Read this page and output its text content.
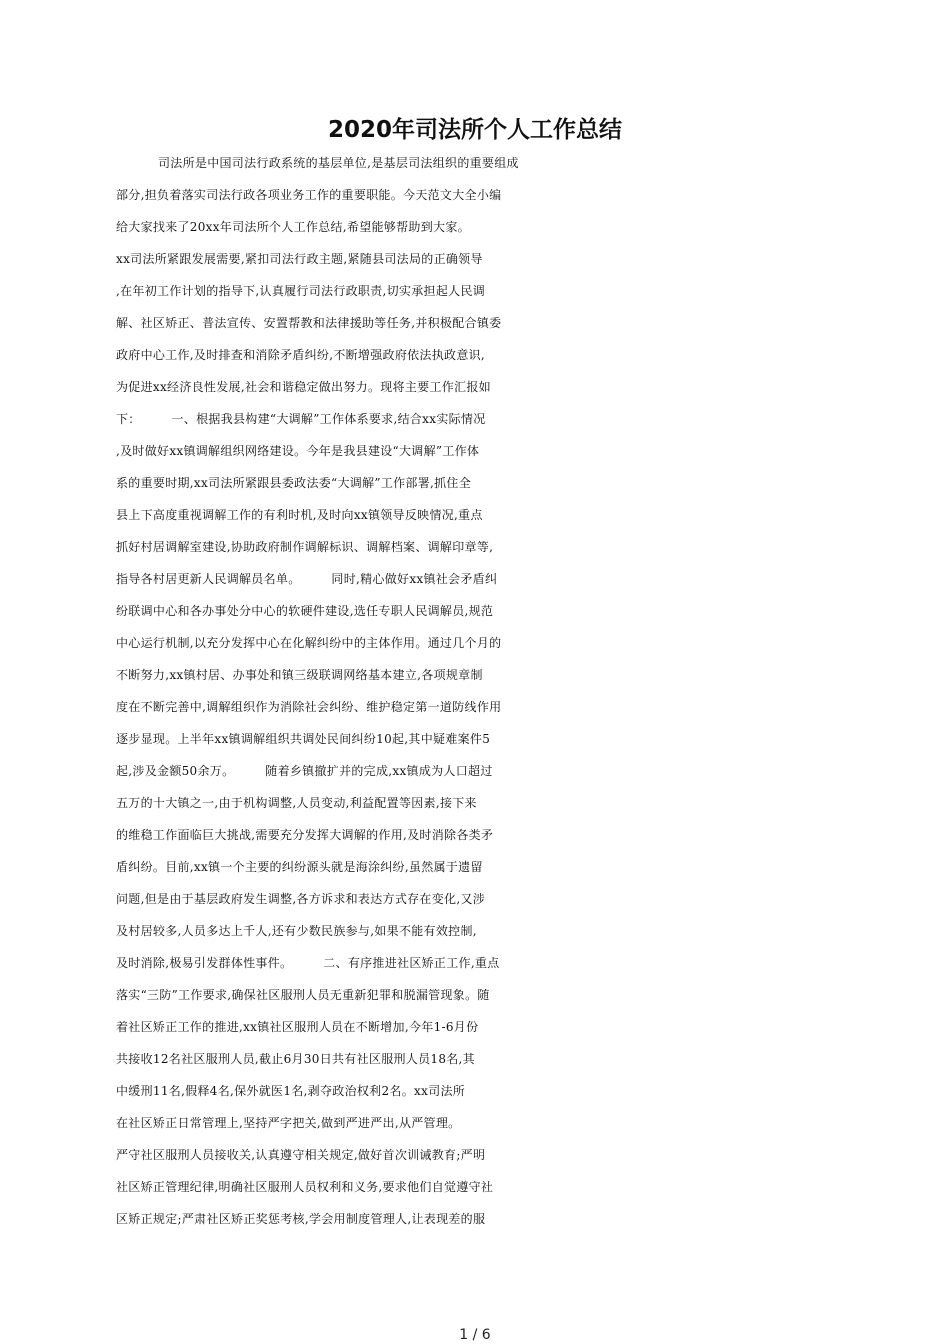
2020年司法所个人工作总结
司法所是中国司法行政系统的基层单位,是基层司法组织的重要组成
部分,担负着落实司法行政各项业务工作的重要职能。今天范文大全小编
给大家找来了20xx年司法所个人工作总结,希望能够帮助到大家。
xx司法所紧跟发展需要,紧扣司法行政主题,紧随县司法局的正确领导
,在年初工作计划的指导下,认真履行司法行政职责,切实承担起人民调
解、社区矫正、普法宣传、安置帮教和法律援助等任务,并积极配合镇委
政府中心工作,及时排查和消除矛盾纠纷,不断增强政府依法执政意识,
为促进xx经济良性发展,社会和谐稳定做出努力。现将主要工作汇报如
下：　　　一、根据我县构建“大调解”工作体系要求,结合xx实际情况
,及时做好xx镇调解组织网络建设。今年是我县建设“大调解”工作体
系的重要时期,xx司法所紧跟县委政法委“大调解”工作部署,抓住全
县上下高度重视调解工作的有利时机,及时向xx镇领导反映情况,重点
抓好村居调解室建设,协助政府制作调解标识、调解档案、调解印章等,
指导各村居更新人民调解员名单。　　　同时,精心做好xx镇社会矛盾纠
纷联调中心和各办事处分中心的软硬件建设,选任专职人民调解员,规范
中心运行机制,以充分发挥中心在化解纠纷中的主体作用。通过几个月的
不断努力,xx镇村居、办事处和镇三级联调网络基本建立,各项规章制
度在不断完善中,调解组织作为消除社会纠纷、维护稳定第一道防线作用
逐步显现。上半年xx镇调解组织共调处民间纠纷10起,其中疑难案件5
起,涉及金额50余万。　　　随着乡镇撤扩并的完成,xx镇成为人口超过
五万的十大镇之一,由于机构调整,人员变动,利益配置等因素,接下来
的维稳工作面临巨大挑战,需要充分发挥大调解的作用,及时消除各类矛
盾纠纷。目前,xx镇一个主要的纠纷源头就是海涂纠纷,虽然属于遗留
问题,但是由于基层政府发生调整,各方诉求和表达方式存在变化,又涉
及村居较多,人员多达上千人,还有少数民族参与,如果不能有效控制,
及时消除,极易引发群体性事件。　　　二、有序推进社区矫正工作,重点
落实“三防”工作要求,确保社区服刑人员无重新犯罪和脱漏管现象。随
着社区矫正工作的推进,xx镇社区服刑人员在不断增加,今年1-6月份
共接收12名社区服刑人员,截止6月30日共有社区服刑人员18名,其
中缓刑11名,假释4名,保外就医1名,剥夺政治权利2名。xx司法所
在社区矫正日常管理上,坚持严字把关,做到严进严出,从严管理。
严守社区服刑人员接收关,认真遵守相关规定,做好首次训诫教育;严明
社区矫正管理纪律,明确社区服刑人员权利和义务,要求他们自觉遵守社
区矫正规定;严肃社区矫正奖惩考核,学会用制度管理人,让表现差的服
1 / 6
